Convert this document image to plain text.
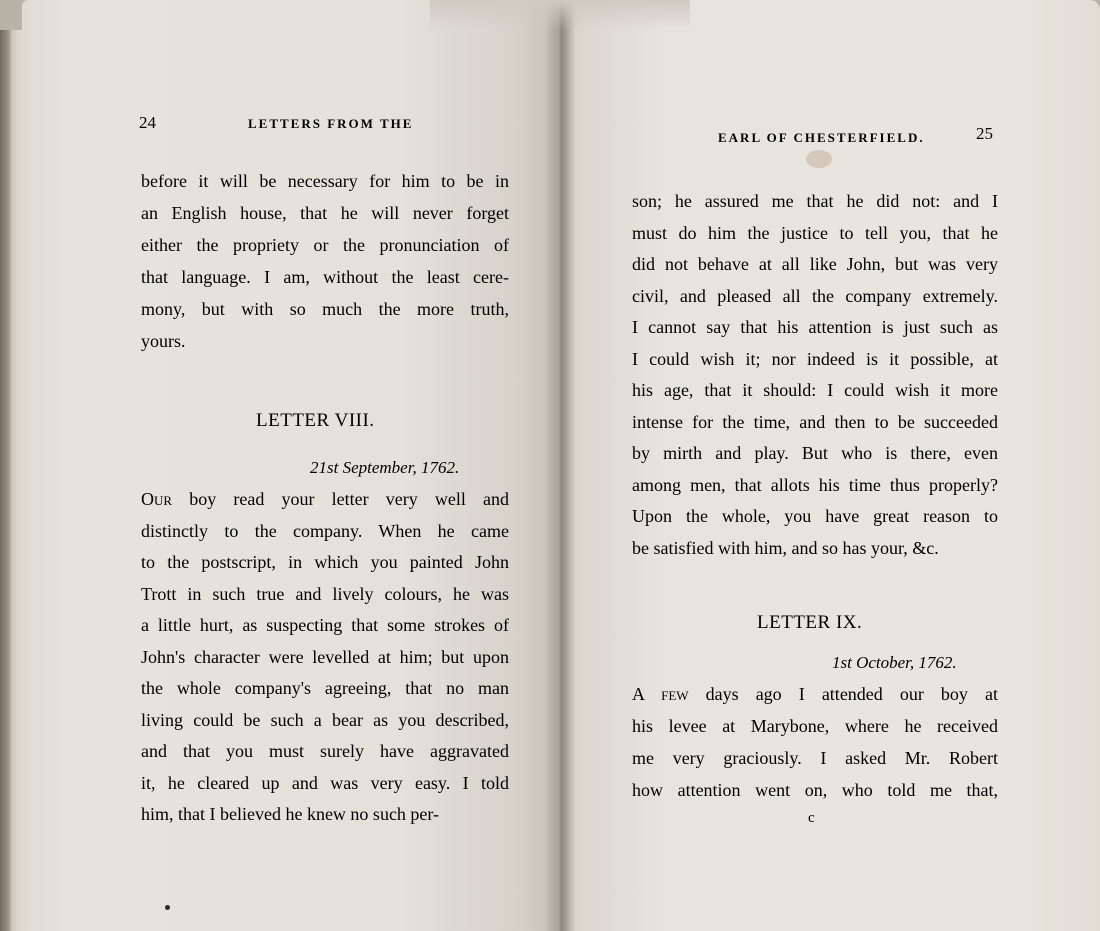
24	LETTERS FROM THE
before it will be necessary for him to be in
an English house, that he will never forget
either the propriety or the pronunciation of
that language. I am, without the least cere-
mony, but with so much the more truth,
yours.
LETTER VIII.
21st September, 1762.
Our boy read your letter very well and
distinctly to the company. When he came
to the postscript, in which you painted John
Trott in such true and lively colours, he was
a little hurt, as suspecting that some strokes of
John's character were levelled at him; but upon
the whole company's agreeing, that no man
living could be such a bear as you described,
and that you must surely have aggravated
it, he cleared up and was very easy. I told
him, that I believed he knew no such per-
EARL OF CHESTERFIELD.	25
son; he assured me that he did not: and I
must do him the justice to tell you, that he
did not behave at all like John, but was very
civil, and pleased all the company extremely.
I cannot say that his attention is just such as
I could wish it; nor indeed is it possible, at
his age, that it should: I could wish it more
intense for the time, and then to be succeeded
by mirth and play. But who is there, even
among men, that allots his time thus properly?
Upon the whole, you have great reason to
be satisfied with him, and so has your, &c.
LETTER IX.
1st October, 1762.
A few days ago I attended our boy at
his levee at Marybone, where he received
me very graciously. I asked Mr. Robert
how attention went on, who told me that,
c
